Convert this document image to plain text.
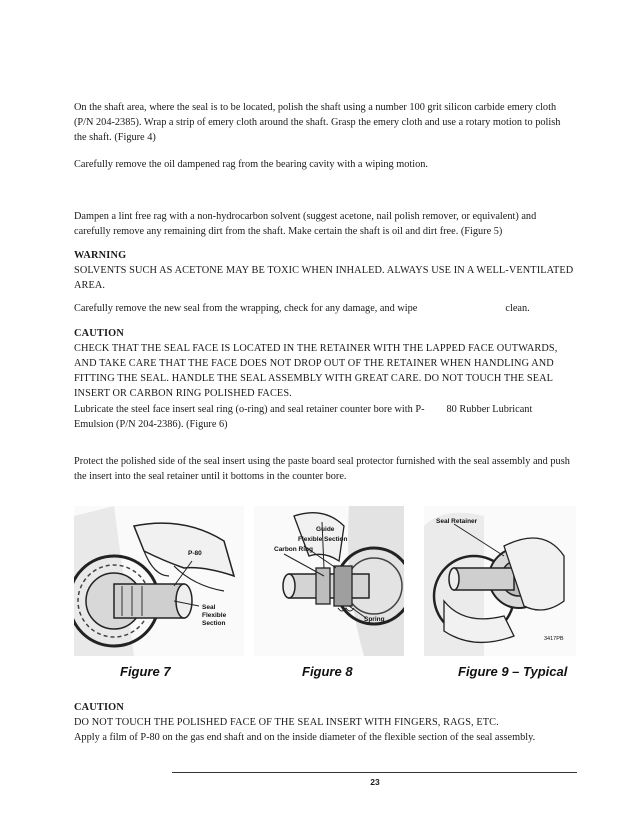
On the shaft area, where the seal is to be located, polish the shaft using a number 100 grit silicon carbide emery cloth (P/N 204-2385). Wrap a strip of emery cloth around the shaft. Grasp the emery cloth and use a rotary motion to polish the shaft. (Figure 4)

Carefully remove the oil dampened rag from the bearing cavity with a wiping motion.

Dampen a lint free rag with a non-hydrocarbon solvent (suggest acetone, nail polish remover, or equivalent) and carefully remove any remaining dirt from the shaft. Make certain the shaft is oil and dirt free. (Figure 5)

WARNING

SOLVENTS SUCH AS ACETONE MAY BE TOXIC WHEN INHALED. ALWAYS USE IN A WELL-VENTILATED AREA.

Carefully remove the new seal from the wrapping, check for any damage, and wipe	clean.

CAUTION

CHECK THAT THE SEAL FACE IS LOCATED IN THE RETAINER WITH THE LAPPED FACE OUTWARDS, AND TAKE CARE THAT THE FACE DOES NOT DROP OUT OF THE RETAINER WHEN HANDLING AND FITTING THE SEAL. HANDLE THE SEAL ASSEMBLY WITH GREAT CARE. DO NOT TOUCH THE SEAL INSERT OR CARBON RING POLISHED FACES.

Lubricate the steel face insert seal ring (o-ring) and seal retainer counter bore with P- 80 Rubber Lubricant
Emulsion (P/N 204-2386). (Figure 6)

Protect the polished side of the seal insert using the paste board seal protector furnished with the seal assembly and push the insert into the seal retainer until it bottoms in the counter bore.

P-80
Seal
Flexible
Section
Guide
Flexible Section
Carbon Ring
Spring
Seal Retainer
3417PB
Figure 7	Figure 8	Figure 9 – Typical

CAUTION

DO NOT TOUCH THE POLISHED FACE OF THE SEAL INSERT WITH FINGERS, RAGS, ETC.

Apply a film of P-80 on the gas end shaft and on the inside diameter of the flexible section of the seal assembly.

23
